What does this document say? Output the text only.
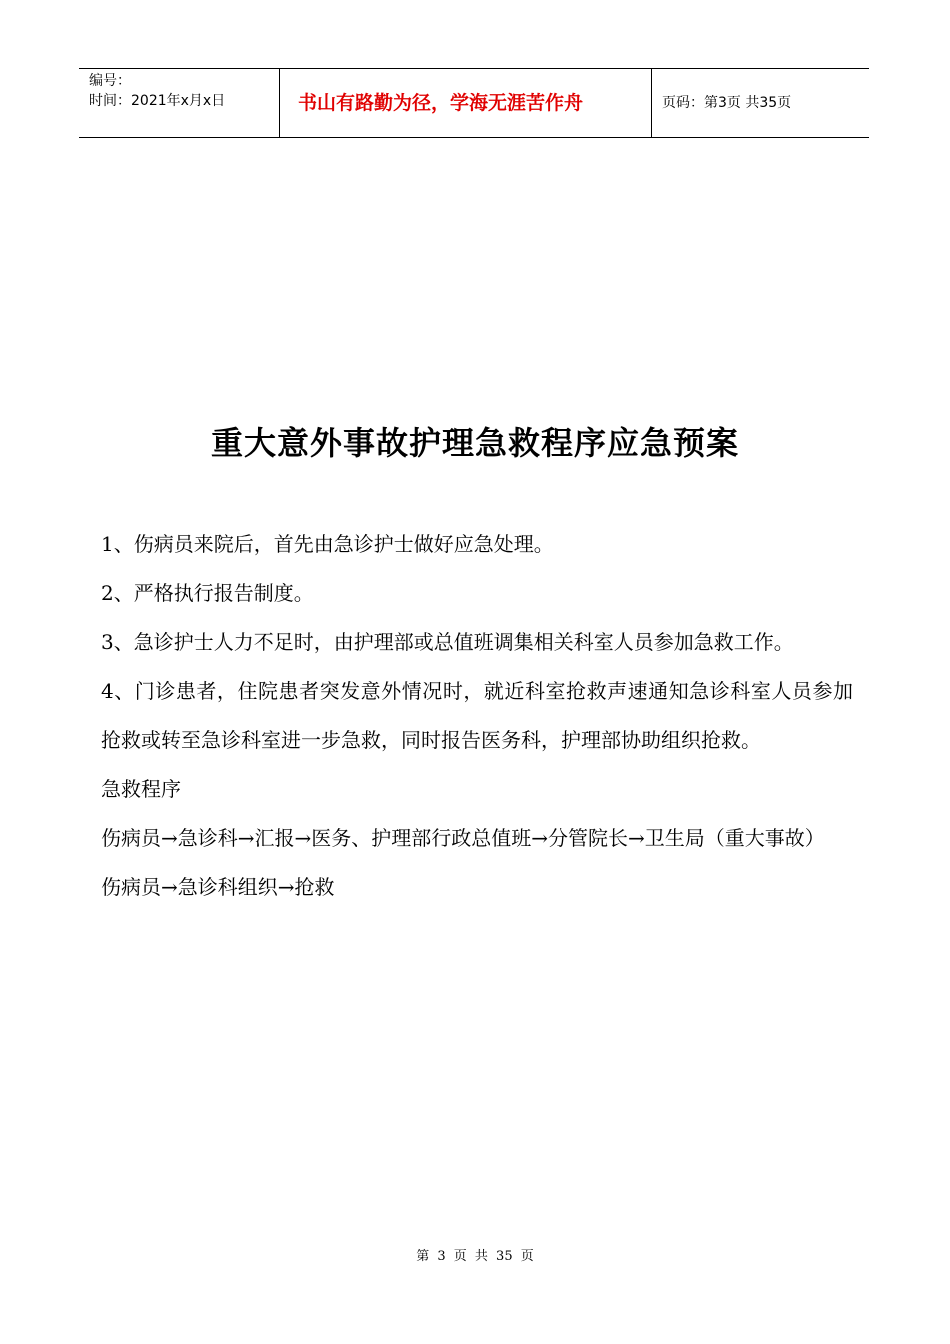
编号：
时间：2021年x月x日	书山有路勤为径，学海无涯苦作舟	页码：第3页 共35页
重大意外事故护理急救程序应急预案

1、伤病员来院后，首先由急诊护士做好应急处理。

2、严格执行报告制度。

3、急诊护士人力不足时，由护理部或总值班调集相关科室人员参加急救工作。

4、门诊患者，住院患者突发意外情况时，就近科室抢救声速通知急诊科室人员参加抢救或转至急诊科室进一步急救，同时报告医务科，护理部协助组织抢救。

急救程序

伤病员→急诊科→汇报→医务、护理部行政总值班→分管院长→卫生局（重大事故）

伤病员→急诊科组织→抢救

第 3 页 共 35 页
